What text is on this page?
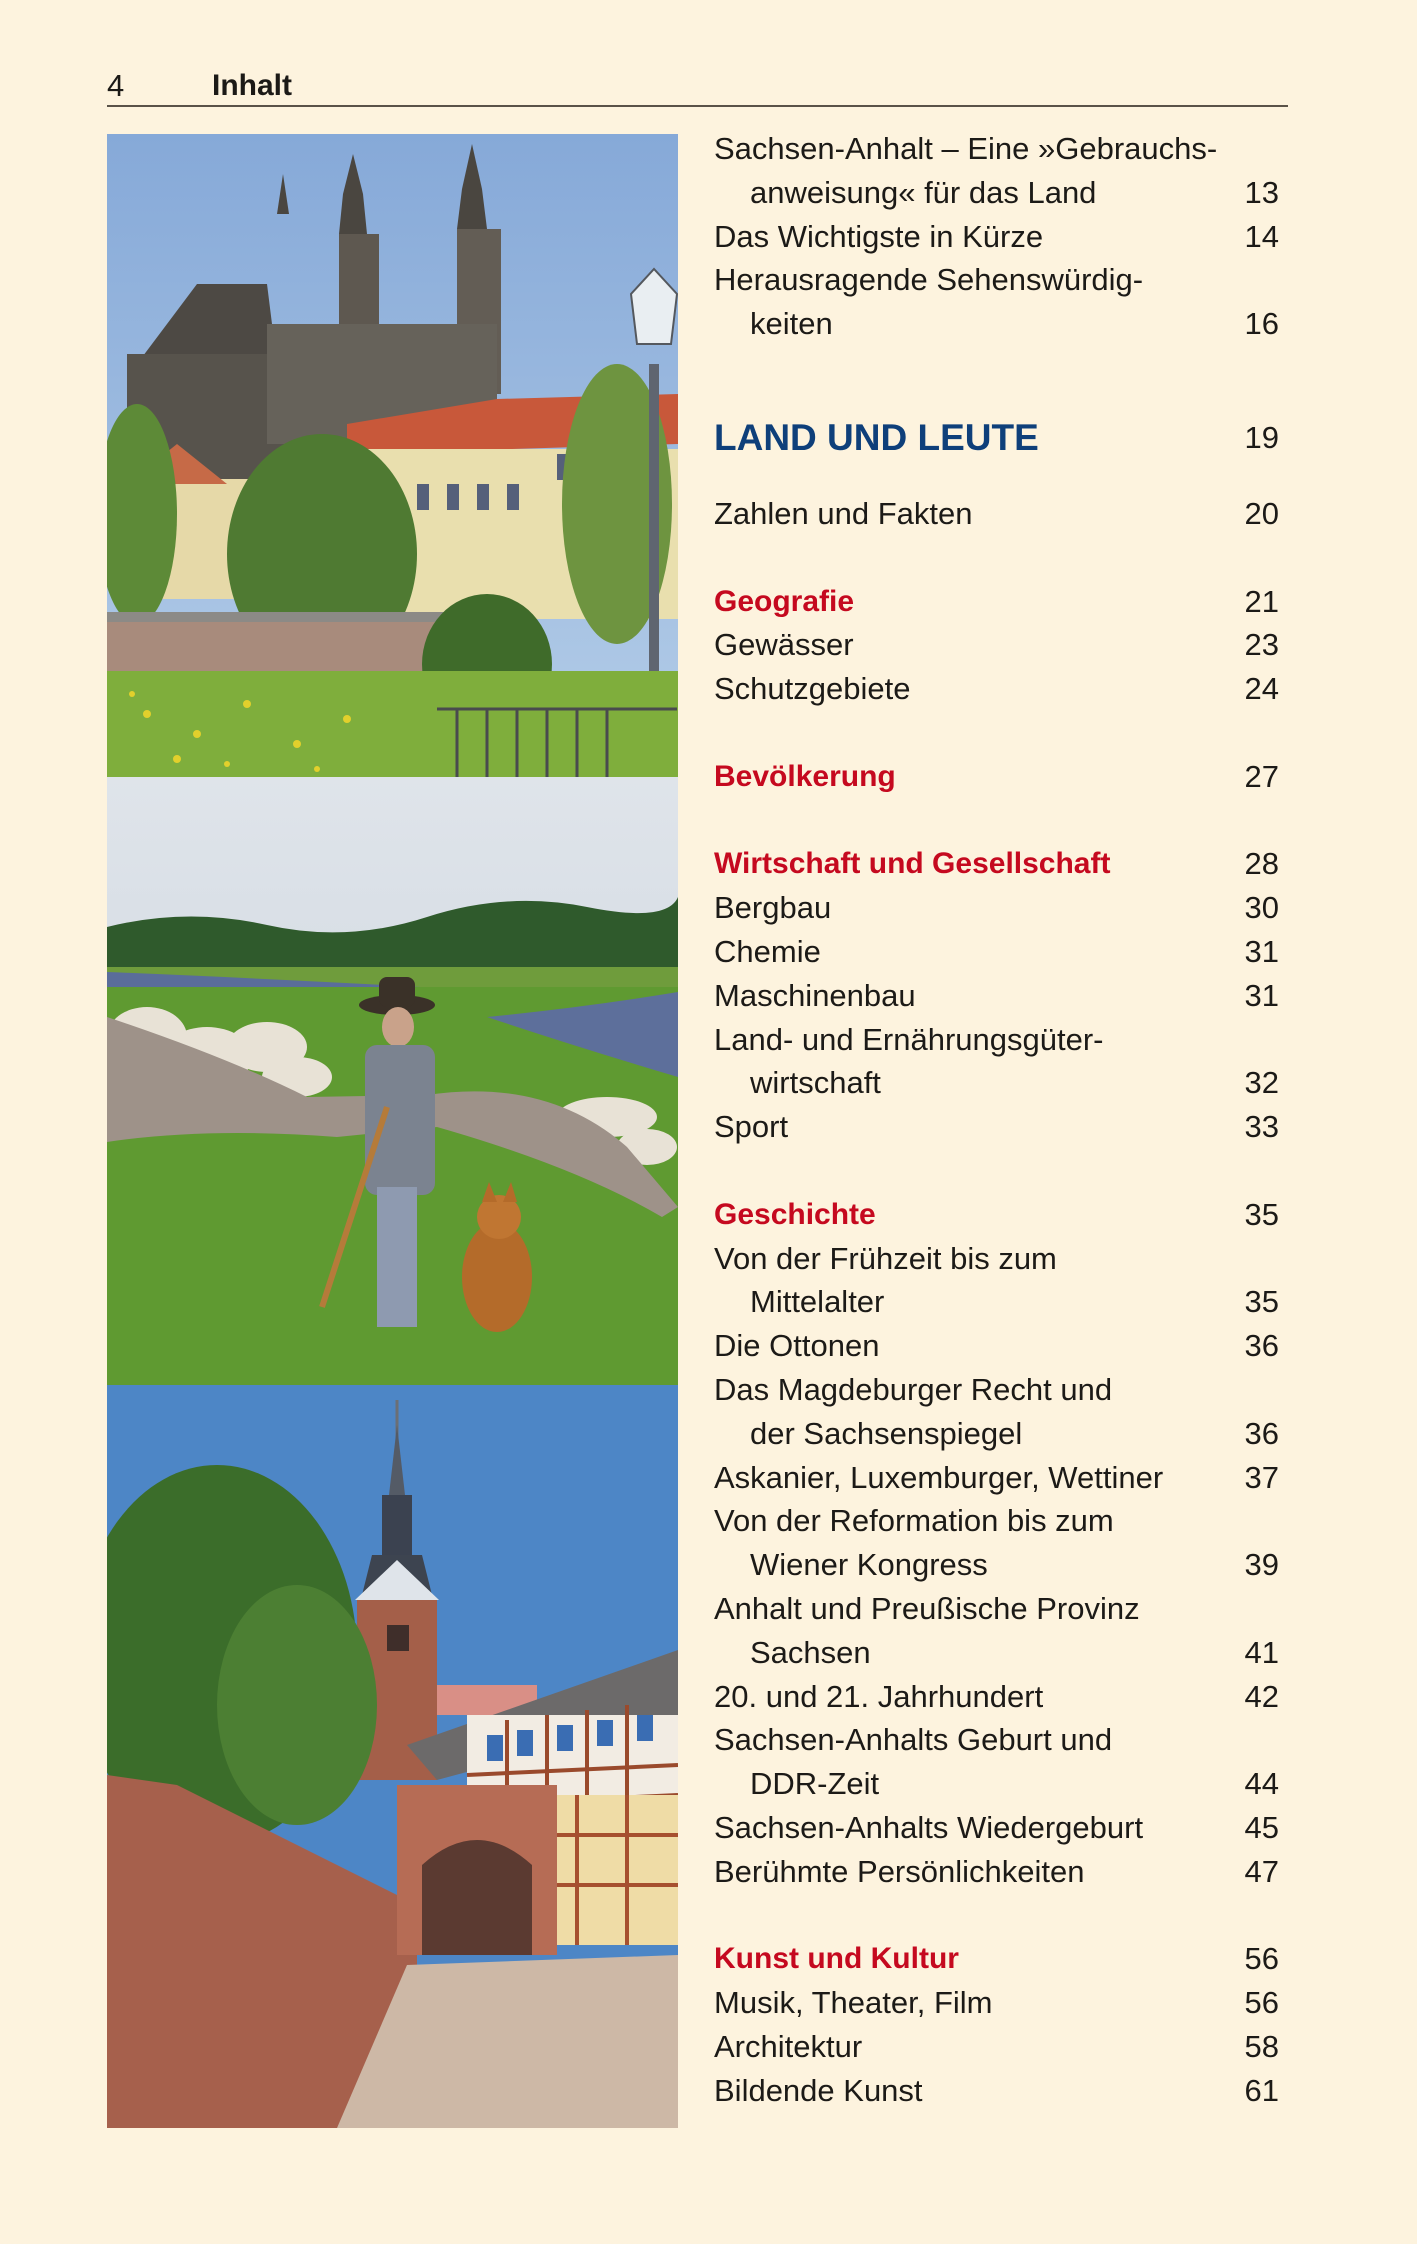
4	Inhalt
Sachsen-Anhalt – Eine »Gebrauchs-
anweisung« für das Land	13
Das Wichtigste in Kürze	14
Herausragende Sehenswürdig-
keiten	16
LAND UND LEUTE	19
Zahlen und Fakten	20
Geografie	21
Gewässer	23
Schutzgebiete	24
Bevölkerung	27
Wirtschaft und Gesellschaft	28
Bergbau	30
Chemie	31
Maschinenbau	31
Land- und Ernährungsgüter-
wirtschaft	32
Sport	33
Geschichte	35
Von der Frühzeit bis zum
Mittelalter	35
Die Ottonen	36
Das Magdeburger Recht und
der Sachsenspiegel	36
Askanier, Luxemburger, Wettiner	37
Von der Reformation bis zum
Wiener Kongress	39
Anhalt und Preußische Provinz
Sachsen	41
20. und 21. Jahrhundert	42
Sachsen-Anhalts Geburt und
DDR-Zeit	44
Sachsen-Anhalts Wiedergeburt	45
Berühmte Persönlichkeiten	47
Kunst und Kultur	56
Musik, Theater, Film	56
Architektur	58
Bildende Kunst	61
